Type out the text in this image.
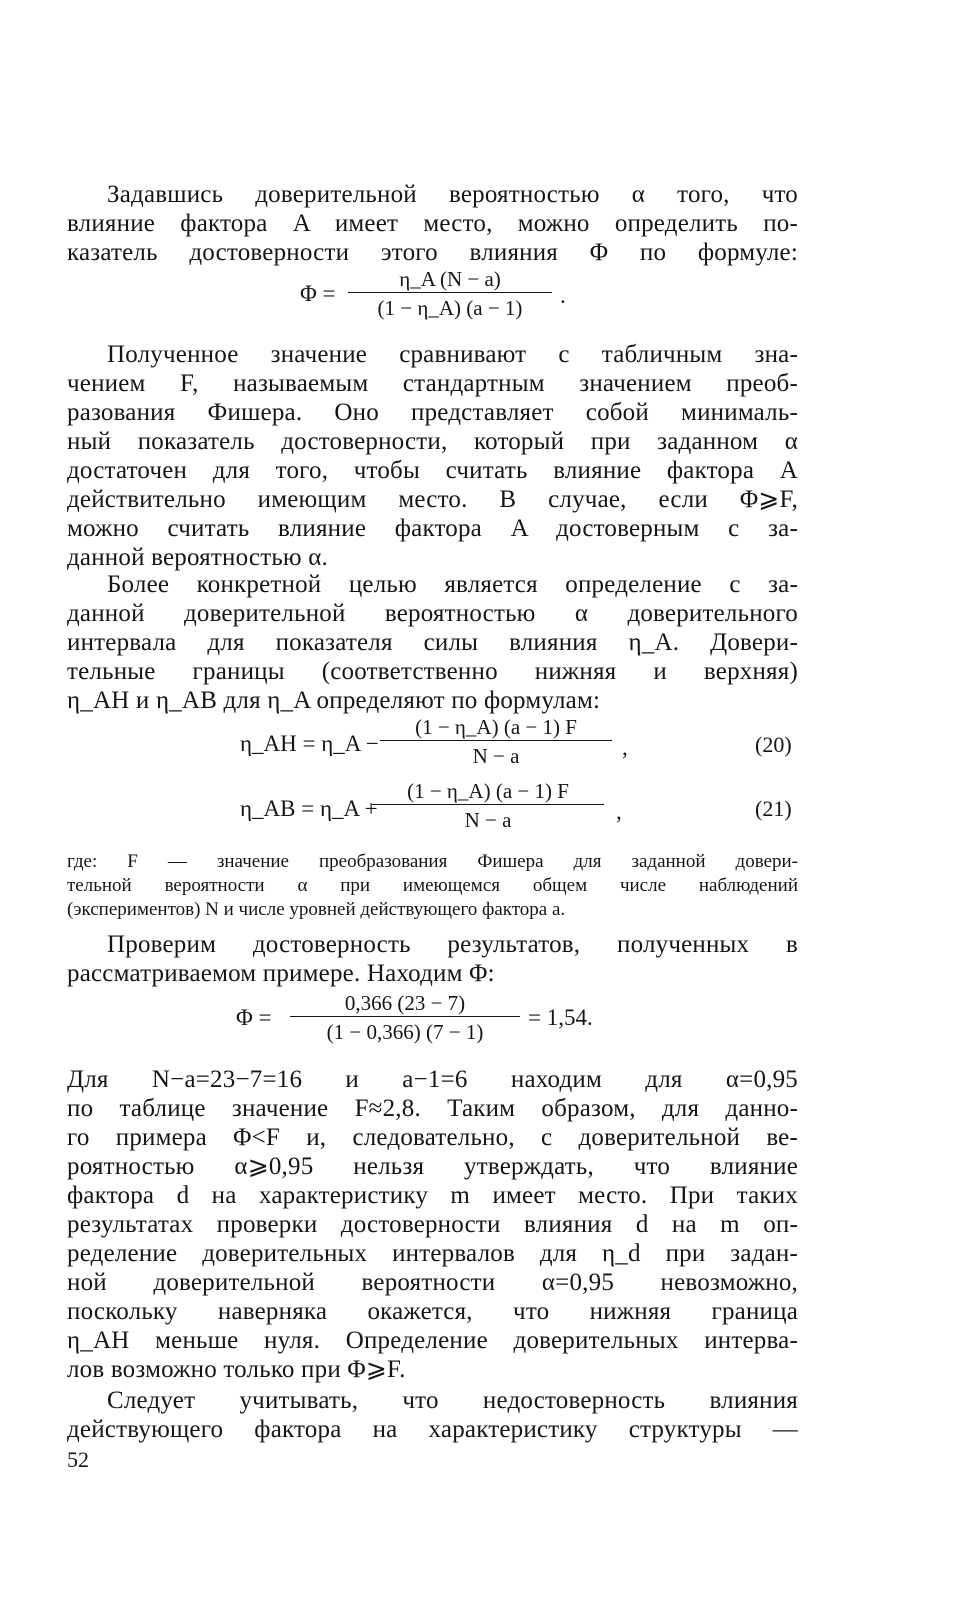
Задавшись доверительной вероятностью α того, что
влияние фактора A имеет место, можно определить по-
казатель достоверности этого влияния Φ по формуле:
$\Phi = \frac{\eta\_A (N - a)}{(1 - \eta\_A) (a - 1)}$ .
Полученное значение сравнивают с табличным зна-
чением F, называемым стандартным значением преоб-
разования Фишера. Оно представляет собой минималь-
ный показатель достоверности, который при заданном α
достаточен для того, чтобы считать влияние фактора A
действительно имеющим место. В случае, если Φ⩾F,
можно считать влияние фактора A достоверным с за-
данной вероятностью α.
Более конкретной целью является определение с за-
данной доверительной вероятностью α доверительного
интервала для показателя силы влияния η_A. Довери-
тельные границы (соответственно нижняя и верхняя)
η_AH и η_AB для η_A определяют по формулам:
η_AH = η_A − $\frac{(1 - \eta\_A) (a - 1) F}{N - a}$ ,	(20)
η_AB = η_A +
$\frac{(1 - \eta\_A) (a - 1) F}{N - a}$ ,	(21)
где: F — значение преобразования Фишера для заданной довери-
тельной вероятности α при имеющемся общем числе наблюдений
(экспериментов) N и числе уровней действующего фактора a.
Проверим достоверность результатов, полученных в
рассматриваемом примере. Находим Φ:
$\Phi = \frac{0,366 (23 - 7)}{(1 - 0,366) (7 - 1)} = 1,54$.
Для N−a=23−7=16 и a−1=6 находим для α=0,95
по таблице значение F≈2,8. Таким образом, для данно-
го примера Φ<F и, следовательно, с доверительной ве-
роятностью α⩾0,95 нельзя утверждать, что влияние
фактора d на характеристику m имеет место. При таких
результатах проверки достоверности влияния d на m оп-
ределение доверительных интервалов для η_d при задан-
ной доверительной вероятности α=0,95 невозможно,
поскольку наверняка окажется, что нижняя граница
η_AH меньше нуля. Определение доверительных интерва-
лов возможно только при Φ⩾F.
Следует учитывать, что недостоверность влияния
действующего фактора на характеристику структуры —
52
